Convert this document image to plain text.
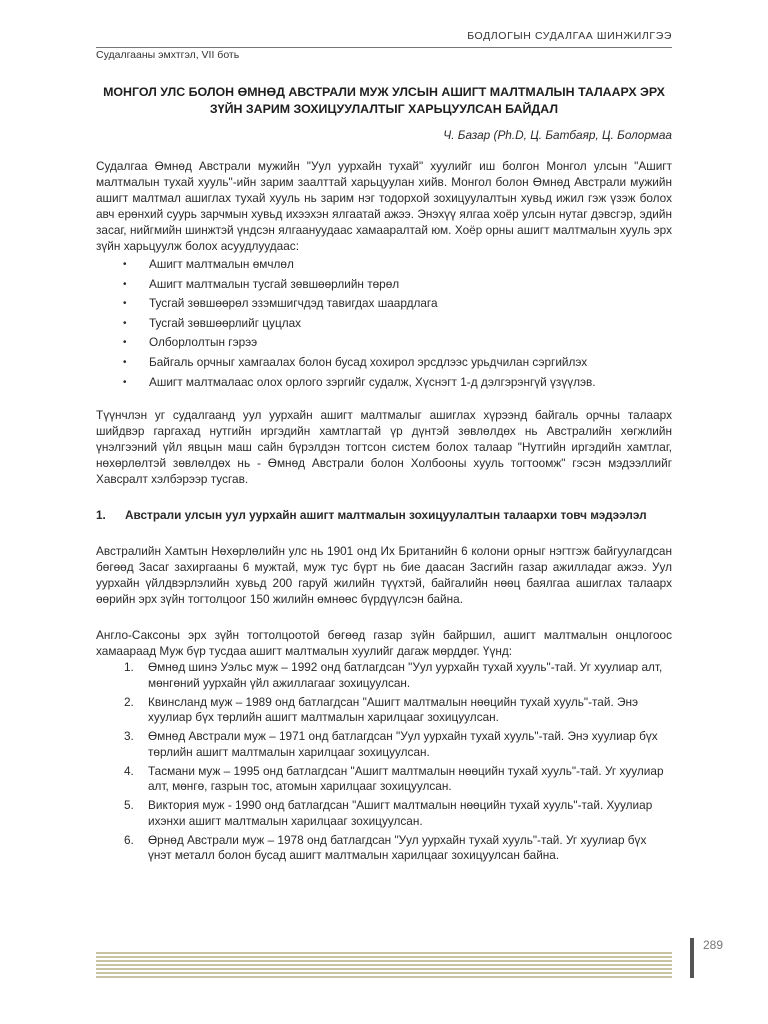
БОДЛОГЫН СУДАЛГАА ШИНЖИЛГЭЭ
Судалгааны эмхтгэл, VII боть
МОНГОЛ УЛС БОЛОН ӨМНӨД АВСТРАЛИ МУЖ УЛСЫН АШИГТ МАЛТМАЛЫН ТАЛААРХ ЭРХ ЗҮЙН ЗАРИМ ЗОХИЦУУЛАЛТЫГ ХАРЬЦУУЛСАН БАЙДАЛ
Ч. Базар (Ph.D, Ц. Батбаяр, Ц. Болормаа

Судалгаа Өмнөд Австрали мужийн "Уул уурхайн тухай" хуулийг иш болгон Монгол улсын "Ашигт малтмалын тухай хууль"-ийн зарим заалттай харьцуулан хийв. Монгол болон Өмнөд Австрали мужийн ашигт малтмал ашиглах тухай хууль нь зарим нэг тодорхой зохицуулалтын хувьд ижил гэж үзэж болох авч ерөнхий суурь зарчмын хувьд ихээхэн ялгаатай ажээ. Энэхүү ялгаа хоёр улсын нутаг дэвсгэр, эдийн засаг, нийгмийн шинжтэй үндсэн ялгаануудаас хамааралтай юм. Хоёр орны ашигт малтмалын хууль эрх зүйн харьцуулж болох асуудлуудаас:

• Ашигт малтмалын өмчлөл
• Ашигт малтмалын тусгай зөвшөөрлийн төрөл
• Тусгай зөвшөөрөл эзэмшигчдэд тавигдах шаардлага
• Тусгай зөвшөөрлийг цуцлах
• Олборлолтын гэрээ
• Байгаль орчныг хамгаалах болон бусад хохирол эрсдлээс урьдчилан сэргийлэх
• Ашигт малтмалаас олох орлого зэргийг судалж, Хүснэгт 1-д дэлгэрэнгүй үзүүлэв.

Түүнчлэн уг судалгаанд уул уурхайн ашигт малтмалыг ашиглах хүрээнд байгаль орчны талаарх шийдвэр гаргахад нутгийн иргэдийн хамтлагтай үр дүнтэй зөвлөлдөх нь Австралийн хөгжлийн үнэлгээний үйл явцын маш сайн бүрэлдэн тогтсон систем болох талаар "Нутгийн иргэдийн хамтлаг, нөхөрлөлтэй зөвлөлдөх нь - Өмнөд Австрали болон Холбооны хууль тогтоомж" гэсэн мэдээллийг Хавсралт хэлбэрээр тусгав.

1. Австрали улсын уул уурхайн ашигт малтмалын зохицуулалтын талаархи товч мэдээлэл

Австралийн Хамтын Нөхөрлөлийн улс нь 1901 онд Их Британийн 6 колони орныг нэгтгэж байгуулагдсан бөгөөд Засаг захиргааны 6 мужтай, муж тус бүрт нь бие даасан Засгийн газар ажилладаг ажээ. Уул уурхайн үйлдвэрлэлийн хувьд 200 гаруй жилийн түүхтэй, байгалийн нөөц баялгаа ашиглах талаарх өөрийн эрх зүйн тогтолцоог 150 жилийн өмнөөс бүрдүүлсэн байна.

Англо-Саксоны эрх зүйн тогтолцоотой бөгөөд газар зүйн байршил, ашигт малтмалын онцлогоос хамаараад Муж бүр тусдаа ашигт малтмалын хуулийг дагаж мөрддөг. Үүнд:

1. Өмнөд шинэ Уэльс муж – 1992 онд батлагдсан "Уул уурхайн тухай хууль"-тай. Уг хуулиар алт, мөнгөний уурхайн үйл ажиллагааг зохицуулсан.
2. Квинсланд муж – 1989 онд батлагдсан "Ашигт малтмалын нөөцийн тухай хууль"-тай. Энэ хуулиар бүх төрлийн ашигт малтмалын харилцааг зохицуулсан.
3. Өмнөд Австрали муж – 1971 онд батлагдсан "Уул уурхайн тухай хууль"-тай. Энэ хуулиар бүх төрлийн ашигт малтмалын харилцааг зохицуулсан.
4. Тасмани муж – 1995 онд батлагдсан "Ашигт малтмалын нөөцийн тухай хууль"-тай. Уг хуулиар алт, мөнгө, газрын тос, атомын харилцааг зохицуулсан.
5. Виктория муж - 1990 онд батлагдсан "Ашигт малтмалын нөөцийн тухай хууль"-тай. Хуулиар ихэнхи ашигт малтмалын харилцааг зохицуулсан.
6. Өрнөд Австрали муж – 1978 онд батлагдсан "Уул уурхайн тухай хууль"-тай. Уг хуулиар бүх үнэт металл болон бусад ашигт малтмалын харилцааг зохицуулсан байна.
289
